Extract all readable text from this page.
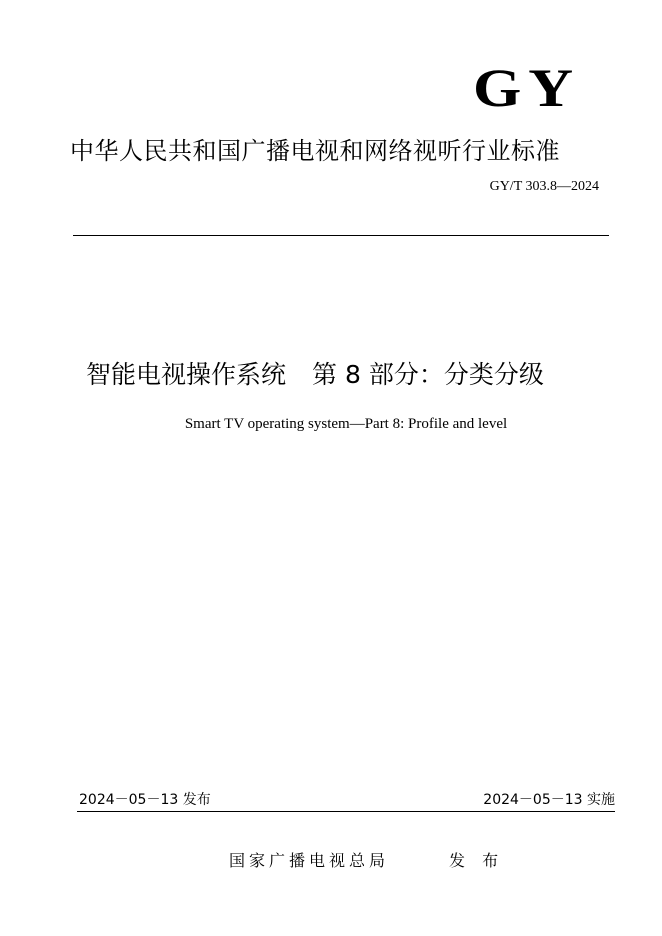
GY
中华人民共和国广播电视和网络视听行业标准
GY/T 303.8—2024
智能电视操作系统 第 8 部分：分类分级
Smart TV operating system—Part 8: Profile and level
2024－05－13 发布	2024－05－13 实施
国家广播电视总局	发 布
